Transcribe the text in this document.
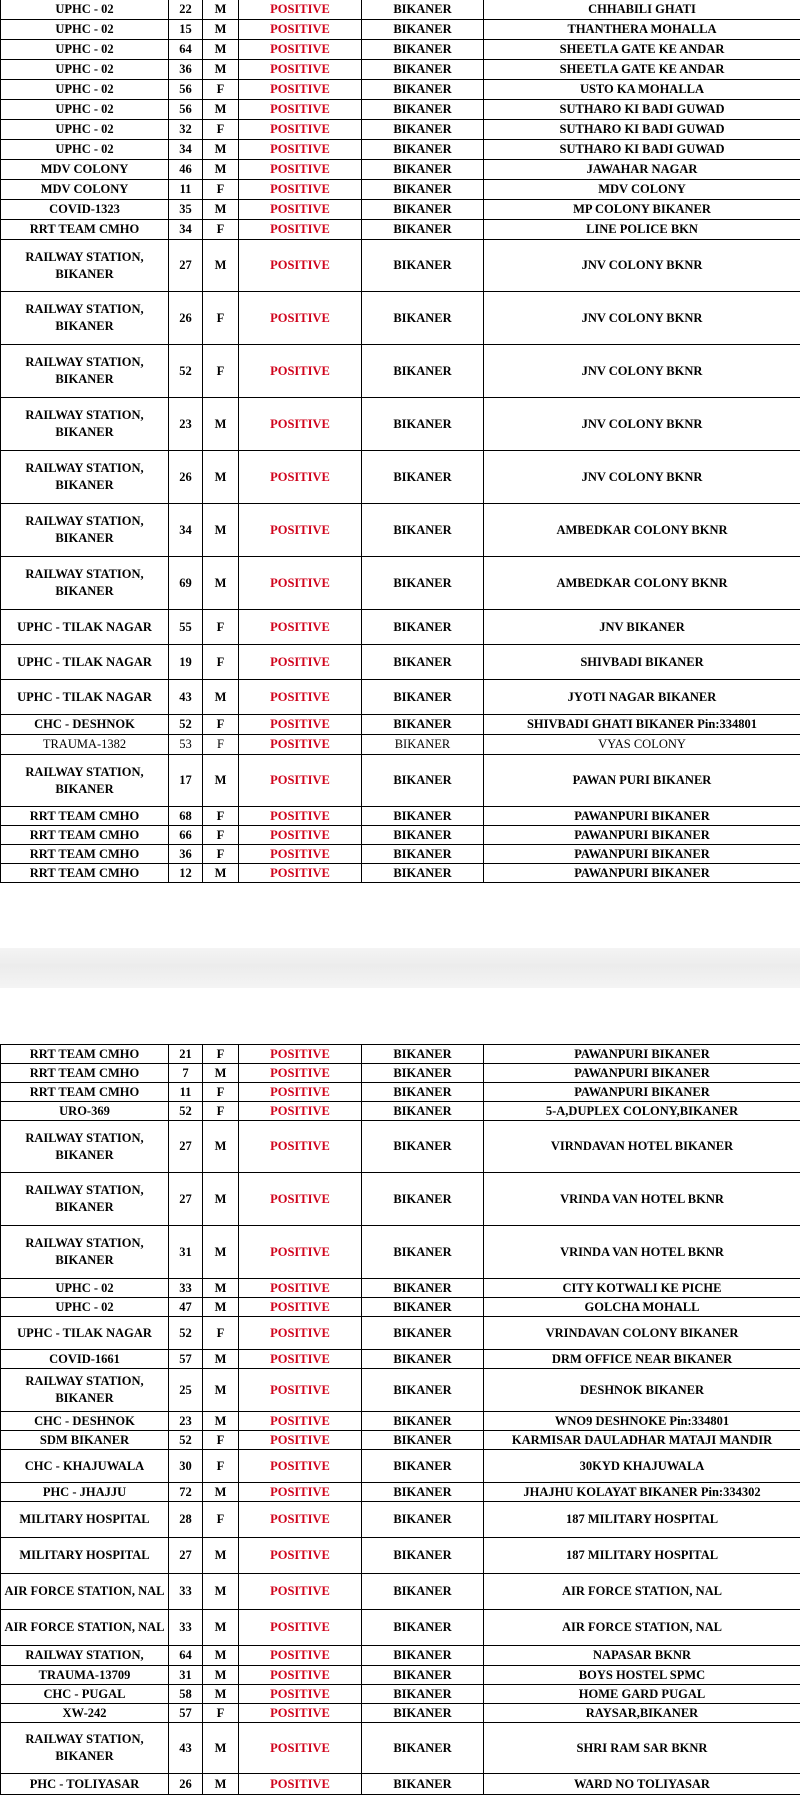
UPHC - 02	22	M	POSITIVE	BIKANER	CHHABILI GHATI
UPHC - 02	15	M	POSITIVE	BIKANER	THANTHERA MOHALLA
UPHC - 02	64	M	POSITIVE	BIKANER	SHEETLA GATE KE ANDAR
UPHC - 02	36	M	POSITIVE	BIKANER	SHEETLA GATE KE ANDAR
UPHC - 02	56	F	POSITIVE	BIKANER	USTO KA MOHALLA
UPHC - 02	56	M	POSITIVE	BIKANER	SUTHARO KI BADI GUWAD
UPHC - 02	32	F	POSITIVE	BIKANER	SUTHARO KI BADI GUWAD
UPHC - 02	34	M	POSITIVE	BIKANER	SUTHARO KI BADI GUWAD
MDV COLONY	46	M	POSITIVE	BIKANER	JAWAHAR NAGAR
MDV COLONY	11	F	POSITIVE	BIKANER	MDV COLONY
COVID-1323	35	M	POSITIVE	BIKANER	MP COLONY BIKANER
RRT TEAM CMHO	34	F	POSITIVE	BIKANER	LINE POLICE BKN
RAILWAY STATION, BIKANER	27	M	POSITIVE	BIKANER	JNV COLONY BKNR
RAILWAY STATION, BIKANER	26	F	POSITIVE	BIKANER	JNV COLONY BKNR
RAILWAY STATION, BIKANER	52	F	POSITIVE	BIKANER	JNV COLONY BKNR
RAILWAY STATION, BIKANER	23	M	POSITIVE	BIKANER	JNV COLONY BKNR
RAILWAY STATION, BIKANER	26	M	POSITIVE	BIKANER	JNV COLONY BKNR
RAILWAY STATION, BIKANER	34	M	POSITIVE	BIKANER	AMBEDKAR COLONY BKNR
RAILWAY STATION, BIKANER	69	M	POSITIVE	BIKANER	AMBEDKAR COLONY BKNR
UPHC - TILAK NAGAR	55	F	POSITIVE	BIKANER	JNV BIKANER
UPHC - TILAK NAGAR	19	F	POSITIVE	BIKANER	SHIVBADI BIKANER
UPHC - TILAK NAGAR	43	M	POSITIVE	BIKANER	JYOTI NAGAR BIKANER
CHC - DESHNOK	52	F	POSITIVE	BIKANER	SHIVBADI GHATI BIKANER Pin:334801
TRAUMA-1382	53	F	POSITIVE	BIKANER	VYAS COLONY
RAILWAY STATION, BIKANER	17	M	POSITIVE	BIKANER	PAWAN PURI BIKANER
RRT TEAM CMHO	68	F	POSITIVE	BIKANER	PAWANPURI BIKANER
RRT TEAM CMHO	66	F	POSITIVE	BIKANER	PAWANPURI BIKANER
RRT TEAM CMHO	36	F	POSITIVE	BIKANER	PAWANPURI BIKANER
RRT TEAM CMHO	12	M	POSITIVE	BIKANER	PAWANPURI BIKANER
RRT TEAM CMHO	21	F	POSITIVE	BIKANER	PAWANPURI BIKANER
RRT TEAM CMHO	7	M	POSITIVE	BIKANER	PAWANPURI BIKANER
RRT TEAM CMHO	11	F	POSITIVE	BIKANER	PAWANPURI BIKANER
URO-369	52	F	POSITIVE	BIKANER	5-A,DUPLEX COLONY,BIKANER
RAILWAY STATION, BIKANER	27	M	POSITIVE	BIKANER	VIRNDAVAN HOTEL BIKANER
RAILWAY STATION, BIKANER	27	M	POSITIVE	BIKANER	VRINDA VAN HOTEL BKNR
RAILWAY STATION, BIKANER	31	M	POSITIVE	BIKANER	VRINDA VAN HOTEL BKNR
UPHC - 02	33	M	POSITIVE	BIKANER	CITY KOTWALI KE PICHE
UPHC - 02	47	M	POSITIVE	BIKANER	GOLCHA MOHALL
UPHC - TILAK NAGAR	52	F	POSITIVE	BIKANER	VRINDAVAN COLONY BIKANER
COVID-1661	57	M	POSITIVE	BIKANER	DRM OFFICE NEAR BIKANER
RAILWAY STATION, BIKANER	25	M	POSITIVE	BIKANER	DESHNOK BIKANER
CHC - DESHNOK	23	M	POSITIVE	BIKANER	WNO9 DESHNOKE Pin:334801
SDM BIKANER	52	F	POSITIVE	BIKANER	KARMISAR DAULADHAR MATAJI MANDIR
CHC - KHAJUWALA	30	F	POSITIVE	BIKANER	30KYD KHAJUWALA
PHC - JHAJJU	72	M	POSITIVE	BIKANER	JHAJHU KOLAYAT BIKANER Pin:334302
MILITARY HOSPITAL	28	F	POSITIVE	BIKANER	187 MILITARY HOSPITAL
MILITARY HOSPITAL	27	M	POSITIVE	BIKANER	187 MILITARY HOSPITAL
AIR FORCE STATION, NAL	33	M	POSITIVE	BIKANER	AIR FORCE STATION, NAL
AIR FORCE STATION, NAL	33	M	POSITIVE	BIKANER	AIR FORCE STATION, NAL
RAILWAY STATION,	64	M	POSITIVE	BIKANER	NAPASAR BKNR
TRAUMA-13709	31	M	POSITIVE	BIKANER	BOYS HOSTEL SPMC
CHC - PUGAL	58	M	POSITIVE	BIKANER	HOME GARD PUGAL
XW-242	57	F	POSITIVE	BIKANER	RAYSAR,BIKANER
RAILWAY STATION, BIKANER	43	M	POSITIVE	BIKANER	SHRI RAM SAR BKNR
PHC - TOLIYASAR	26	M	POSITIVE	BIKANER	WARD NO TOLIYASAR
